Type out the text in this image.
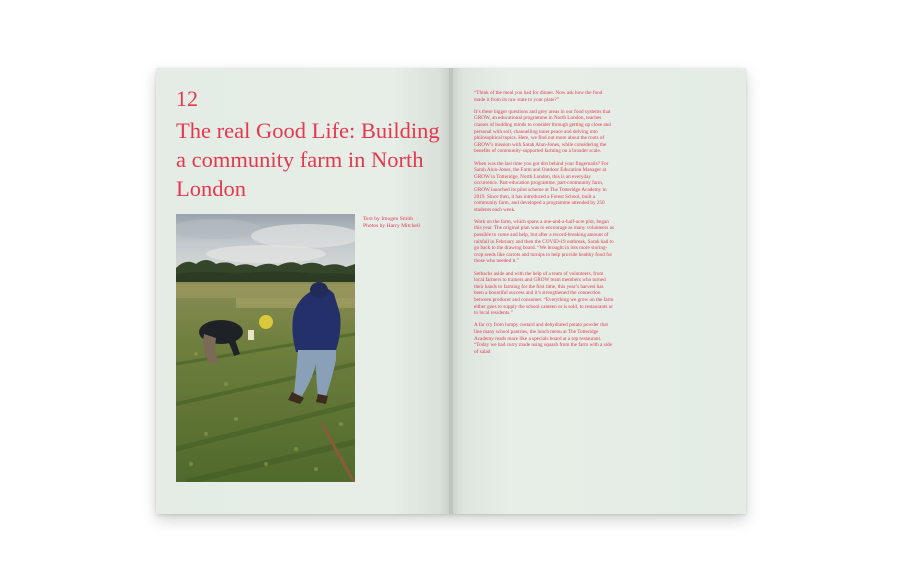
12
The real Good Life: Building a community farm in North London
Text by Imogen Smith
Photos by Harry Mitchell

“Think of the meal you had for dinner. Now ask how the food made it from its raw state to your plate?”

It’s these bigger questions and grey areas in our food systems that GROW, an educational programme in North London, teaches classes of budding minds to consider through getting up close and personal with soil, channelling inner peace and delving into philosophical topics. Here, we find out more about the roots of GROW’s mission with Sarah Alun-Jones, while considering the benefits of community-supported farming on a broader scale.

When was the last time you got dirt behind your fingernails? For Sarah Alun-Jones, the Farm and Outdoor Education Manager at GROW in Totteridge, North London, this is an everyday occurrence. Part-education programme, part-community farm, GROW launched its pilot scheme at The Totteridge Academy in 2019. Since then, it has introduced a Forest School, built a community farm, and developed a programme attended by 250 students each week.

Work on the farm, which spans a one-and-a-half-acre plot, began this year. The original plan was to encourage as many volunteers as possible to come and help, but after a record-breaking amount of rainfall in February and then the COVID-19 outbreak, Sarah had to go back to the drawing board. “We brought in lots more storing-crop seeds like carrots and turnips to help provide healthy food for those who needed it.”

Setbacks aside and with the help of a team of volunteers, from local farmers to trainers and GROW team members who turned their hands to farming for the first time, this year’s harvest has been a bountiful success and it’s strengthened the connection between producer and consumer. “Everything we grow on the farm either goes to supply the school canteen or is sold, to restaurants or to local residents.”

A far cry from lumpy custard and dehydrated potato powder that line many school pantries, the lunch menu at The Totteridge Academy reads more like a specials board at a top restaurant. “Today we had curry made using squash from the farm with a side of salad
